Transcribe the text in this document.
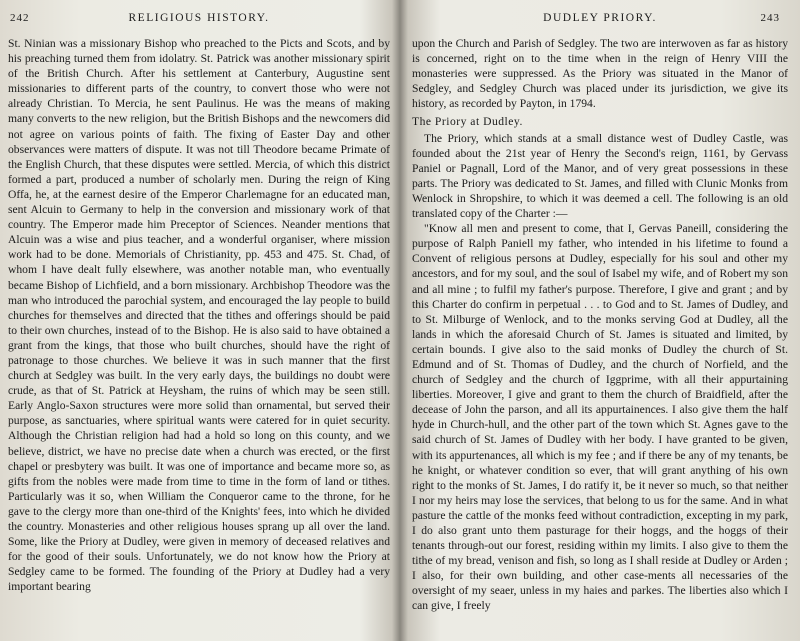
242	RELIGIOUS HISTORY.

St. Ninian was a missionary Bishop who preached to the Picts and Scots, and by his preaching turned them from idolatry. St. Patrick was another missionary spirit of the British Church. After his settlement at Canterbury, Augustine sent missionaries to different parts of the country, to convert those who were not already Christian. To Mercia, he sent Paulinus. He was the means of making many converts to the new religion, but the British Bishops and the newcomers did not agree on various points of faith. The fixing of Easter Day and other observances were matters of dispute. It was not till Theodore became Primate of the English Church, that these disputes were settled. Mercia, of which this district formed a part, produced a number of scholarly men. During the reign of King Offa, he, at the earnest desire of the Emperor Charlemagne for an educated man, sent Alcuin to Germany to help in the conversion and missionary work of that country. The Emperor made him Preceptor of Sciences. Neander mentions that Alcuin was a wise and pius teacher, and a wonderful organiser, where mission work had to be done. Memorials of Christianity, pp. 453 and 475. St. Chad, of whom I have dealt fully elsewhere, was another notable man, who eventually became Bishop of Lichfield, and a born missionary. Archbishop Theodore was the man who introduced the parochial system, and encouraged the lay people to build churches for themselves and directed that the tithes and offerings should be paid to their own churches, instead of to the Bishop. He is also said to have obtained a grant from the kings, that those who built churches, should have the right of patronage to those churches. We believe it was in such manner that the first church at Sedgley was built. In the very early days, the buildings no doubt were crude, as that of St. Patrick at Heysham, the ruins of which may be seen still. Early Anglo-Saxon structures were more solid than ornamental, but served their purpose, as sanctuaries, where spiritual wants were catered for in quiet security. Although the Christian religion had had a hold so long on this county, and we believe, district, we have no precise date when a church was erected, or the first chapel or presbytery was built. It was one of importance and became more so, as gifts from the nobles were made from time to time in the form of land or tithes. Particularly was it so, when William the Conqueror came to the throne, for he gave to the clergy more than one-third of the Knights' fees, into which he divided the country. Monasteries and other religious houses sprang up all over the land. Some, like the Priory at Dudley, were given in memory of deceased relatives and for the good of their souls. Unfortunately, we do not know how the Priory at Sedgley came to be formed. The founding of the Priory at Dudley had a very important bearing

DUDLEY PRIORY.	243

upon the Church and Parish of Sedgley. The two are interwoven as far as history is concerned, right on to the time when in the reign of Henry VIII the monasteries were suppressed. As the Priory was situated in the Manor of Sedgley, and Sedgley Church was placed under its jurisdiction, we give its history, as recorded by Payton, in 1794.

The Priory at Dudley.

The Priory, which stands at a small distance west of Dudley Castle, was founded about the 21st year of Henry the Second's reign, 1161, by Gervass Paniel or Pagnall, Lord of the Manor, and of very great possessions in these parts. The Priory was dedicated to St. James, and filled with Clunic Monks from Wenlock in Shropshire, to which it was deemed a cell. The following is an old translated copy of the Charter :—

"Know all men and present to come, that I, Gervas Paneill, considering the purpose of Ralph Paniell my father, who intended in his lifetime to found a Convent of religious persons at Dudley, especially for his soul and other my ancestors, and for my soul, and the soul of Isabel my wife, and of Robert my son and all mine ; to fulfil my father's purpose. Therefore, I give and grant ; and by this Charter do confirm in perpetual . . . to God and to St. James of Dudley, and to St. Milburge of Wenlock, and to the monks serving God at Dudley, all the lands in which the aforesaid Church of St. James is situated and limited, by certain bounds. I give also to the said monks of Dudley the church of St. Edmund and of St. Thomas of Dudley, and the church of Norfield, and the church of Sedgley and the church of Iggprime, with all their appurtaining liberties. Moreover, I give and grant to them the church of Braidfield, after the decease of John the parson, and all its appurtainences. I also give them the half hyde in Church-hull, and the other part of the town which St. Agnes gave to the said church of St. James of Dudley with her body. I have granted to be given, with its appurtenances, all which is my fee ; and if there be any of my tenants, be he knight, or whatever condition so ever, that will grant anything of his own right to the monks of St. James, I do ratify it, be it never so much, so that neither I nor my heirs may lose the services, that belong to us for the same. And in what pasture the cattle of the monks feed without contradiction, excepting in my park, I do also grant unto them pasturage for their hoggs, and the hoggs of their tenants through-out our forest, residing within my limits. I also give to them the tithe of my bread, venison and fish, so long as I shall reside at Dudley or Arden ; I also, for their own building, and other case-ments all necessaries of the oversight of my seaer, unless in my haies and parkes. The liberties also which I can give, I freely
